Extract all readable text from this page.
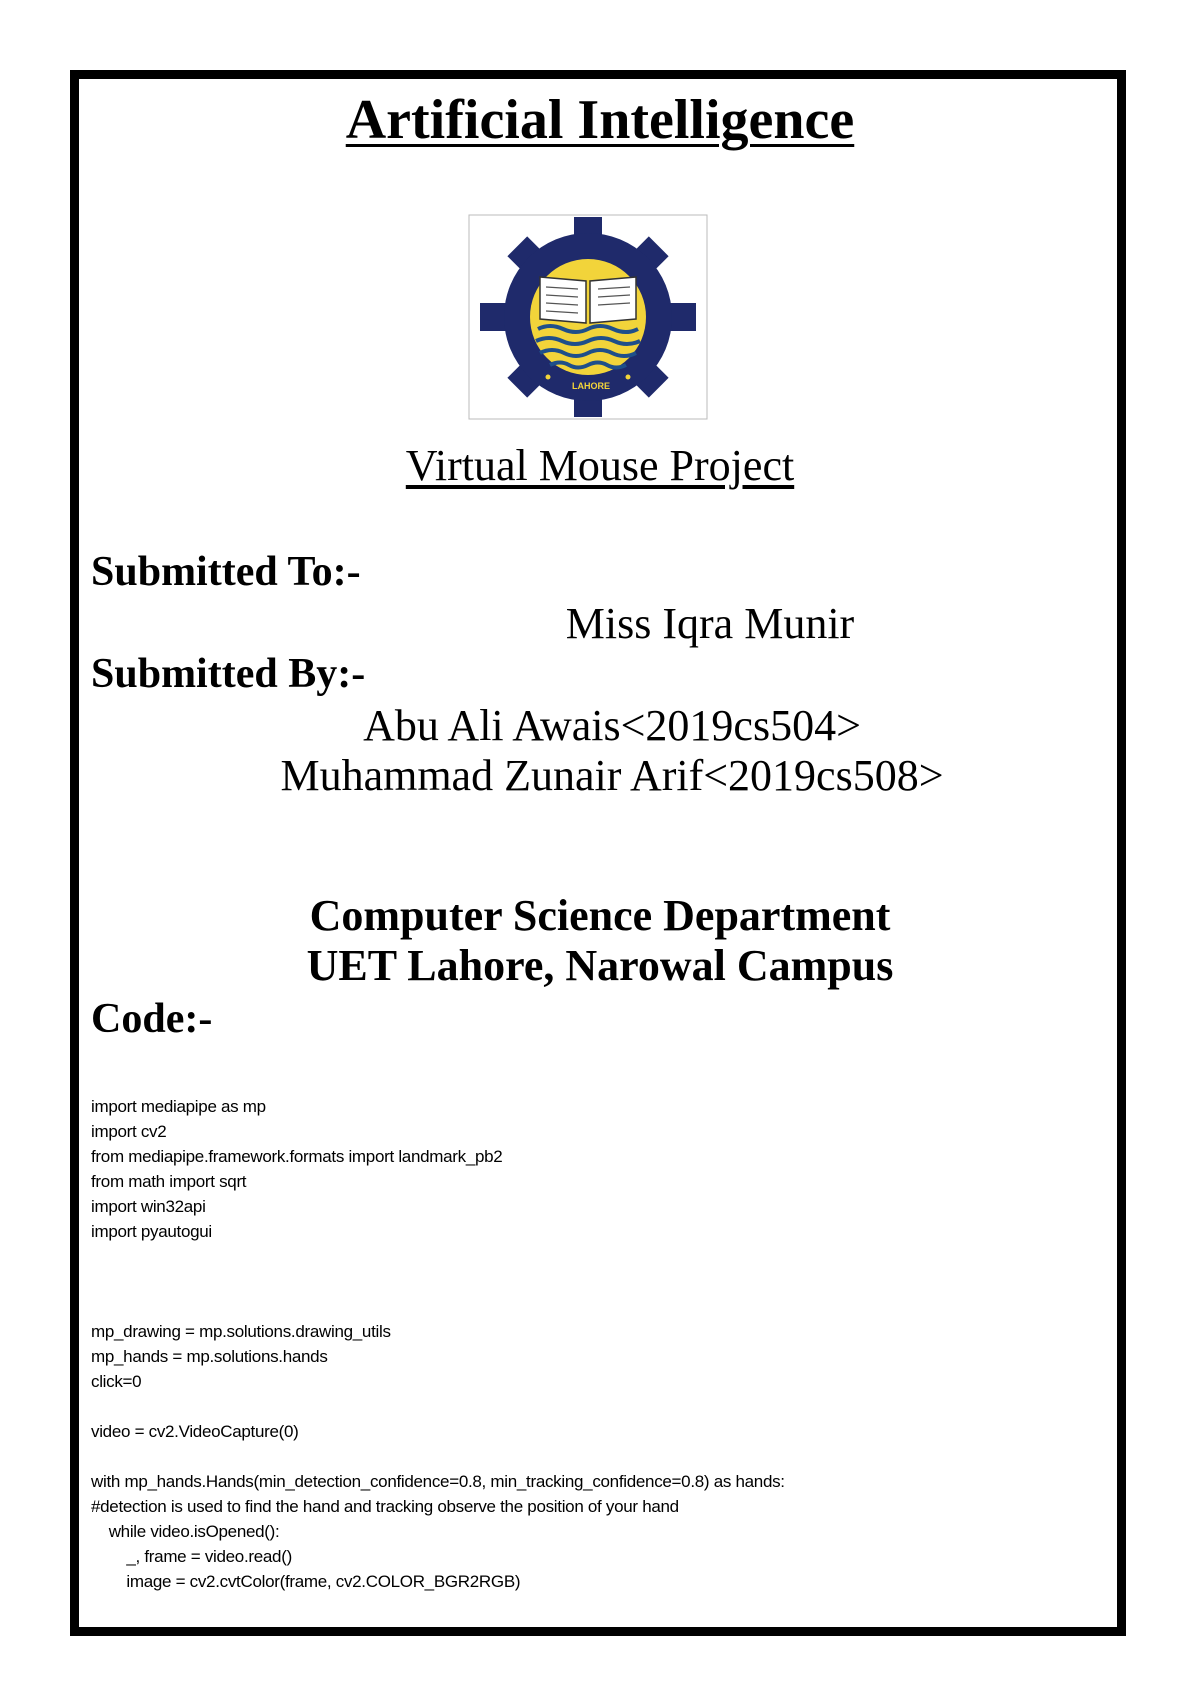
Artificial Intelligence
LAHORE
Virtual Mouse Project
Submitted To:-
Miss Iqra Munir
Submitted By:-
Abu Ali Awais<2019cs504>
Muhammad Zunair Arif<2019cs508>
Computer Science Department
UET Lahore, Narowal Campus
Code:-
import mediapipe as mp
import cv2
from mediapipe.framework.formats import landmark_pb2
from math import sqrt
import win32api
import pyautogui
mp_drawing = mp.solutions.drawing_utils
mp_hands = mp.solutions.hands
click=0
video = cv2.VideoCapture(0)
with mp_hands.Hands(min_detection_confidence=0.8, min_tracking_confidence=0.8) as hands:
#detection is used to find the hand and tracking observe the position of your hand
while video.isOpened():
_, frame = video.read()
image = cv2.cvtColor(frame, cv2.COLOR_BGR2RGB)
